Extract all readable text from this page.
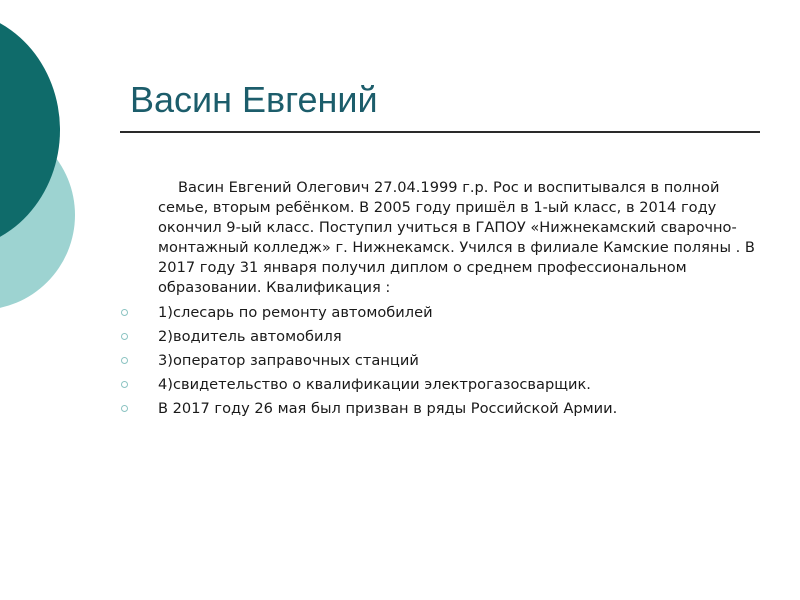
Васин Евгений

Васин Евгений Олегович 27.04.1999 г.р. Рос и воспитывался в полной семье, вторым ребёнком. В 2005 году пришёл в 1-ый класс, в 2014 году окончил 9-ый класс. Поступил учиться в ГАПОУ «Нижнекамский сварочно-монтажный колледж» г. Нижнекамск. Учился в филиале Камские поляны . В 2017 году 31 января получил диплом о среднем профессиональном образовании. Квалификация :

1)слесарь по ремонту автомобилей
2)водитель автомобиля
3)оператор заправочных станций
4)свидетельство о квалификации электрогазосварщик.
В 2017 году 26 мая был призван в ряды Российской Армии.
